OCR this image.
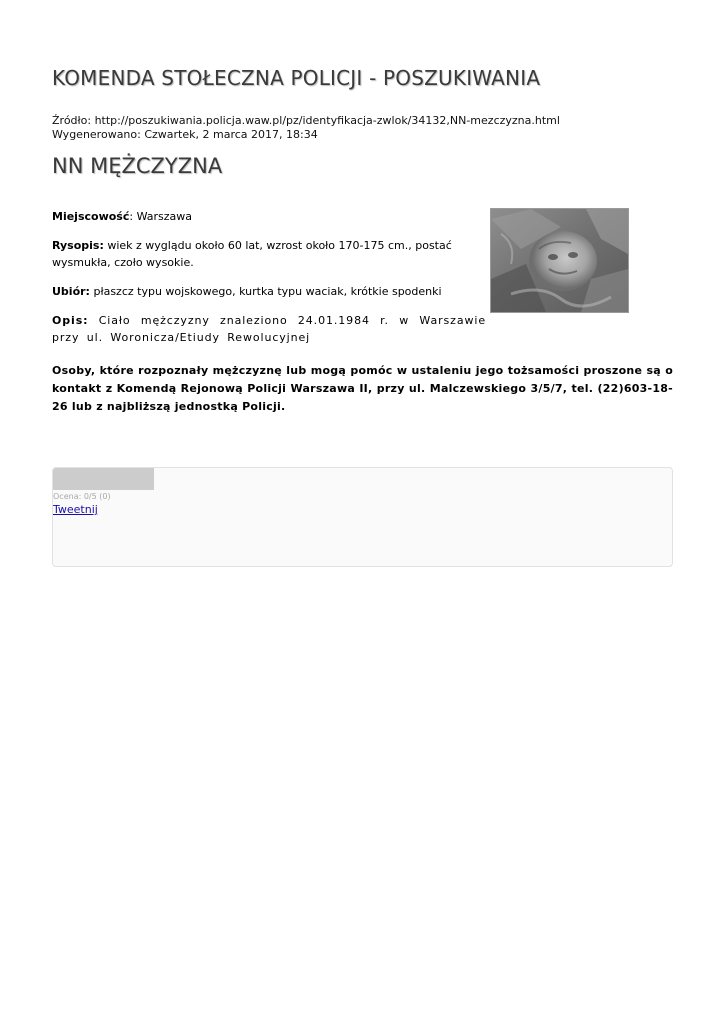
KOMENDA STOŁECZNA POLICJI - POSZUKIWANIA
Źródło: http://poszukiwania.policja.waw.pl/pz/identyfikacja-zwlok/34132,NN-mezczyzna.html
Wygenerowano: Czwartek, 2 marca 2017, 18:34
NN MĘŻCZYZNA

Miejscowość: Warszawa

Rysopis: wiek z wyglądu około 60 lat, wzrost około 170-175 cm., postać wysmukła, czoło wysokie.

Ubiór: płaszcz typu wojskowego, kurtka typu waciak, krótkie spodenki

Opis: Ciało mężczyzny znaleziono 24.01.1984 r. w Warszawie przy ul. Woronicza/Etiudy Rewolucyjnej

Osoby, które rozpoznały mężczyznę lub mogą pomóc w ustaleniu jego tożsamości proszone są o kontakt z Komendą Rejonową Policji Warszawa II, przy ul. Malczewskiego 3/5/7, tel. (22)603-18-26 lub z najbliższą jednostką Policji.
Ocena: 0/5 (0)
Tweetnij
